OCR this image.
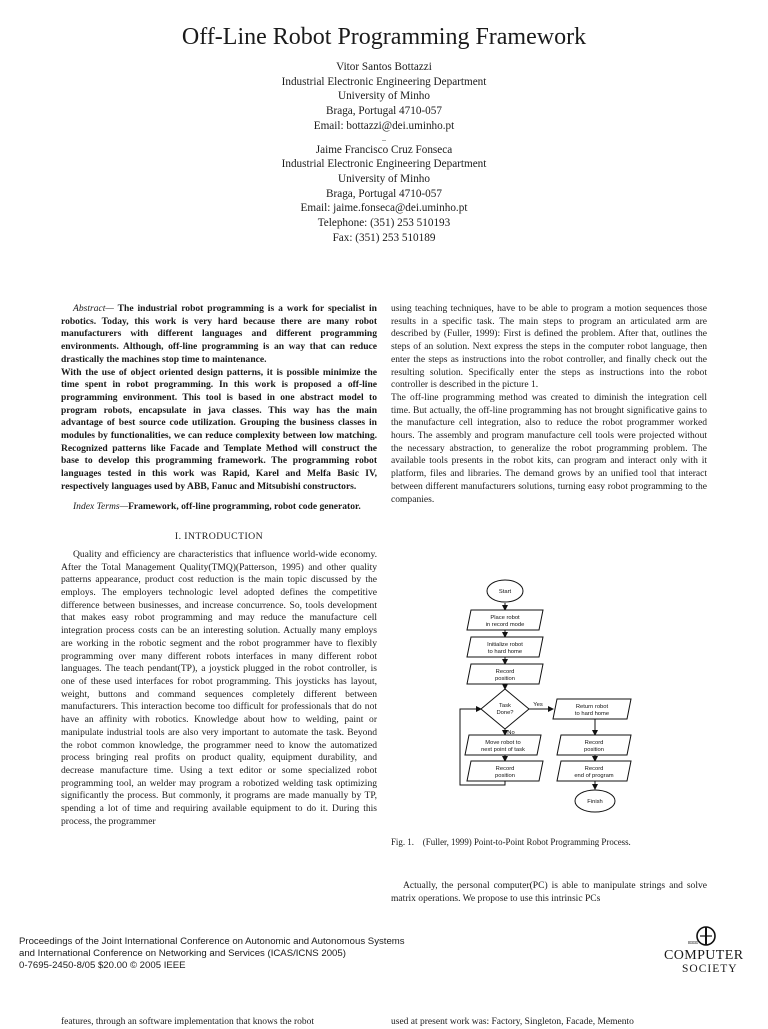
Off-Line Robot Programming Framework
Vitor Santos Bottazzi
Industrial Electronic Engineering Department
University of Minho
Braga, Portugal 4710-057
Email: bottazzi@dei.uminho.pt
..
Jaime Francisco Cruz Fonseca
Industrial Electronic Engineering Department
University of Minho
Braga, Portugal 4710-057
Email: jaime.fonseca@dei.uminho.pt
Telephone: (351) 253 510193
Fax: (351) 253 510189

Abstract— The industrial robot programming is a work for specialist in robotics. Today, this work is very hard because there are many robot manufacturers with different languages and different programming environments. Although, off-line programming is an way that can reduce drastically the machines stop time to maintenance.

With the use of object oriented design patterns, it is possible minimize the time spent in robot programming. In this work is proposed a off-line programming environment. This tool is based in one abstract model to program robots, encapsulate in java classes. This way has the main advantage of best source code utilization. Grouping the business classes in modules by functionalities, we can reduce complexity between low matching. Recognized patterns like Facade and Template Method will construct the base to develop this programming framework. The programming robot languages tested in this work was Rapid, Karel and Melfa Basic IV, respectively languages used by ABB, Fanuc and Mitsubishi constructors.

Index Terms—Framework, off-line programming, robot code generator.

I. INTRODUCTION

Quality and efficiency are characteristics that influence world-wide economy. After the Total Management Quality(TMQ)(Patterson, 1995) and other quality patterns appearance, product cost reduction is the main topic discussed by the employs. The employers technologic level adopted defines the competitive difference between businesses, and increase concurrence. So, tools development that makes easy robot programming and may reduce the manufacture cell integration process costs can be an interesting solution. Actually many employs are working in the robotic segment and the robot programmer have to flexibly programming over many different robots interfaces in many different robot languages. The teach pendant(TP), a joystick plugged in the robot controller, is one of these used interfaces for robot programming. This joysticks has layout, weight, buttons and command sequences completely different between manufacturers. This interaction become too difficult for professionals that do not have an affinity with robotics. Knowledge about how to welding, paint or manipulate industrial tools are also very important to automate the task. Beyond the robot common knowledge, the programmer need to know the automatized process bringing real profits on product quality, equipment durability, and decrease manufacture time. Using a text editor or some specialized robot programming tool, an welder may program a robotized welding task optimizing significantly the process. But commonly, it programs are made manually by TP, spending a lot of time and requiring available equipment to do it. During this process, the programmer

using teaching techniques, have to be able to program a motion sequences those results in a specific task. The main steps to program an articulated arm are described by (Fuller, 1999): First is defined the problem. After that, outlines the steps of an solution. Next express the steps in the computer robot language, then enter the steps as instructions into the robot controller, and finally check out the resulting solution. Specifically enter the steps as instructions into the robot controller is described in the picture 1.

The off-line programming method was created to diminish the integration cell time. But actually, the off-line programming has not brought significative gains to the manufacture cell integration, also to reduce the robot programmer worked hours. The assembly and program manufacture cell tools were projected without the necessary abstraction, to generalize the robot programming problem. The available tools presents in the robot kits, can program and interact only with it platform, files and libraries. The demand grows by an unified tool that interact between different manufacturers solutions, turning easy robot programming to the companies.

Start
Place robot
in record mode
Initialize robot
to hard home
Record
position
Task
Done?
Yes
No
Move robot to
next point of task
Record
position
Return robot
to hard home
Record
position
Record
end of program
Finish
Fig. 1.    (Fuller, 1999) Point-to-Point Robot Programming Process.

Actually, the personal computer(PC) is able to manipulate strings and solve matrix operations. We propose to use this intrinsic PCs

Proceedings of the Joint International Conference on Autonomic and Autonomous Systems
and International Conference on Networking and Services (ICAS/ICNS 2005)
0-7695-2450-8/05 $20.00 © 2005 IEEE
IEEE
COMPUTER
SOCIETY
features, through an software implementation that knows the robot	used at present work was: Factory, Singleton, Facade, Memento
